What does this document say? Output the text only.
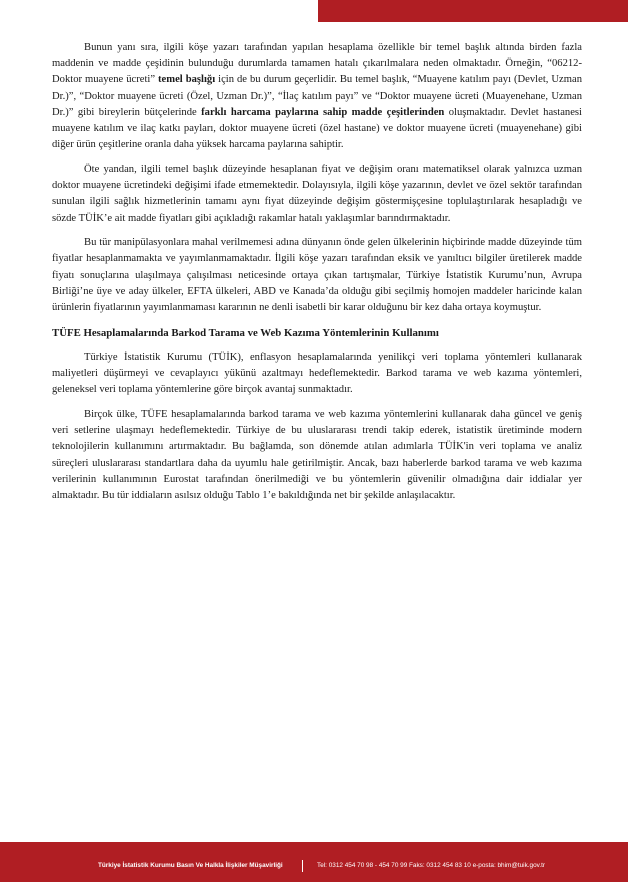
Bunun yanı sıra, ilgili köşe yazarı tarafından yapılan hesaplama özellikle bir temel başlık altında birden fazla maddenin ve madde çeşidinin bulunduğu durumlarda tamamen hatalı çıkarılmalara neden olmaktadır. Örneğin, “06212-Doktor muayene ücreti” temel başlığı için de bu durum geçerlidir. Bu temel başlık, “Muayene katılım payı (Devlet, Uzman Dr.)”, “Doktor muayene ücreti (Özel, Uzman Dr.)”, “İlaç katılım payı” ve “Doktor muayene ücreti (Muayenehane, Uzman Dr.)” gibi bireylerin bütçelerinde farklı harcama paylarına sahip madde çeşitlerinden oluşmaktadır. Devlet hastanesi muayene katılım ve ilaç katkı payları, doktor muayene ücreti (özel hastane) ve doktor muayene ücreti (muayenehane) gibi diğer ürün çeşitlerine oranla daha yüksek harcama paylarına sahiptir.

Öte yandan, ilgili temel başlık düzeyinde hesaplanan fiyat ve değişim oranı matematiksel olarak yalnızca uzman doktor muayene ücretindeki değişimi ifade etmemektedir. Dolayısıyla, ilgili köşe yazarının, devlet ve özel sektör tarafından sunulan ilgili sağlık hizmetlerinin tamamı aynı fiyat düzeyinde değişim göstermişçesine toplulaştırılarak hesapladığı ve sözde TÜİK’e ait madde fiyatları gibi açıkladığı rakamlar hatalı yaklaşımlar barındırmaktadır.

Bu tür manipülasyonlara mahal verilmemesi adına dünyanın önde gelen ülkelerinin hiçbirinde madde düzeyinde tüm fiyatlar hesaplanmamakta ve yayımlanmamaktadır. İlgili köşe yazarı tarafından eksik ve yanıltıcı bilgiler üretilerek madde fiyatı sonuçlarına ulaşılmaya çalışılması neticesinde ortaya çıkan tartışmalar, Türkiye İstatistik Kurumu’nun, Avrupa Birliği’ne üye ve aday ülkeler, EFTA ülkeleri, ABD ve Kanada’da olduğu gibi seçilmiş homojen maddeler haricinde kalan ürünlerin fiyatlarının yayımlanmaması kararının ne denli isabetli bir karar olduğunu bir kez daha ortaya koymuştur.

TÜFE Hesaplamalarında Barkod Tarama ve Web Kazıma Yöntemlerinin Kullanımı

Türkiye İstatistik Kurumu (TÜİK), enflasyon hesaplamalarında yenilikçi veri toplama yöntemleri kullanarak maliyetleri düşürmeyi ve cevaplayıcı yükünü azaltmayı hedeflemektedir. Barkod tarama ve web kazıma yöntemleri, geleneksel veri toplama yöntemlerine göre birçok avantaj sunmaktadır.

Birçok ülke, TÜFE hesaplamalarında barkod tarama ve web kazıma yöntemlerini kullanarak daha güncel ve geniş veri setlerine ulaşmayı hedeflemektedir. Türkiye de bu uluslararası trendi takip ederek, istatistik üretiminde modern teknolojilerin kullanımını artırmaktadır. Bu bağlamda, son dönemde atılan adımlarla TÜİK'in veri toplama ve analiz süreçleri uluslararası standartlara daha da uyumlu hale getirilmiştir. Ancak, bazı haberlerde barkod tarama ve web kazıma verilerinin kullanımının Eurostat tarafından önerilmediği ve bu yöntemlerin güvenilir olmadığına dair iddialar yer almaktadır. Bu tür iddiaların asılsız olduğu Tablo 1’e bakıldığında net bir şekilde anlaşılacaktır.

Türkiye İstatistik Kurumu Basın Ve Halkla İlişkiler Müşavirliği	Tel: 0312 454 70 98 - 454 70 99 Faks: 0312 454 83 10 e-posta: bhim@tuik.gov.tr
